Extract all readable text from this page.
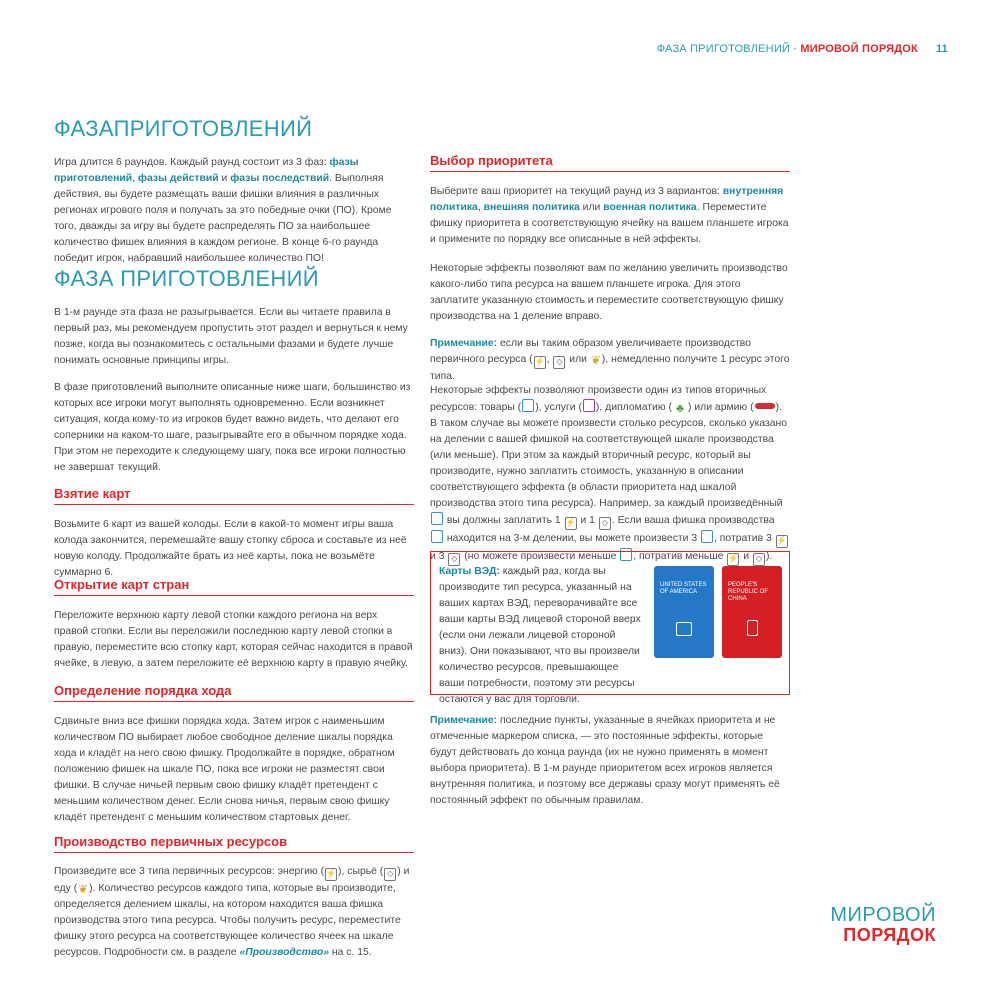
ФАЗА ПРИГОТОВЛЕНИЙ · МИРОВОЙ ПОРЯДОК 11
ФАЗАПРИГОТОВЛЕНИЙ

Игра длится 6 раундов. Каждый раунд состоит из 3 фаз: фазы приготовлений, фазы действий и фазы последствий. Выполняя действия, вы будете размещать ваши фишки влияния в различных регионах игрового поля и получать за это победные очки (ПО). Кроме того, дважды за игру вы будете распределять ПО за наибольшее количество фишек влияния в каждом регионе. В конце 6-го раунда победит игрок, набравший наибольшее количество ПО!

ФАЗА ПРИГОТОВЛЕНИЙ

В 1-м раунде эта фаза не разыгрывается. Если вы читаете правила в первый раз, мы рекомендуем пропустить этот раздел и вернуться к нему позже, когда вы познакомитесь с остальными фазами и будете лучше понимать основные принципы игры.

В фазе приготовлений выполните описанные ниже шаги, большинство из которых все игроки могут выполнять одновременно. Если возникнет ситуация, когда кому-то из игроков будет важно видеть, что делают его соперники на каком-то шаге, разыгрывайте его в обычном порядке хода. При этом не переходите к следующему шагу, пока все игроки полностью не завершат текущий.

Взятие карт

Возьмите 6 карт из вашей колоды. Если в какой-то момент игры ваша колода закончится, перемешайте вашу стопку сброса и составьте из неё новую колоду. Продолжайте брать из неё карты, пока не возьмёте суммарно 6.

Открытие карт стран

Переложите верхнюю карту левой стопки каждого региона на верх правой стопки. Если вы переложили последнюю карту левой стопки в правую, переместите всю стопку карт, которая сейчас находится в правой ячейке, в левую, а затем переложите её верхнюю карту в правую ячейку.

Определение порядка хода

Сдвиньте вниз все фишки порядка хода. Затем игрок с наименьшим количеством ПО выбирает любое свободное деление шкалы порядка хода и кладёт на него свою фишку. Продолжайте в порядке, обратном положению фишек на шкале ПО, пока все игроки не разместят свои фишки. В случае ничьей первым свою фишку кладёт претендент с меньшим количеством денег. Если снова ничья, первым свою фишку кладёт претендент с меньшим количеством стартовых денег.

Производство первичных ресурсов

Произведите все 3 типа первичных ресурсов: энергию ( ⚡ ), сырьё ( ◇ ) и еду (❦). Количество ресурсов каждого типа, которые вы производите, определяется делением шкалы, на котором находится ваша фишка производства этого типа ресурса. Чтобы получить ресурс, переместите фишку этого ресурса на соответствующее количество ячеек на шкале ресурсов. Подробности см. в разделе «Производство» на с. 15.

Выбор приоритета

Выберите ваш приоритет на текущий раунд из 3 вариантов: внутренняя политика, внешняя политика или военная политика. Переместите фишку приоритета в соответствующую ячейку на вашем планшете игрока и примените по порядку все описанные в ней эффекты.

Некоторые эффекты позволяют вам по желанию увеличить производство какого-либо типа ресурса на вашем планшете игрока. Для этого заплатите указанную стоимость и переместите соответствующую фишку производства на 1 деление вправо.

Примечание: если вы таким образом увеличиваете производство первичного ресурса ( ⚡ , ◇ или ❦), немедленно получите 1 ресурс этого типа.

Некоторые эффекты позволяют произвести один из типов вторичных ресурсов: товары ( ), услуги ( ), дипломатию ( ♣ ) или армию ( ). В таком случае вы можете произвести столько ресурсов, сколько указано на делении с вашей фишкой на соответствующей шкале производства (или меньше). При этом за каждый вторичный ресурс, который вы производите, нужно заплатить стоимость, указанную в описании соответствующего эффекта (в области приоритета над шкалой производства этого типа ресурса). Например, за каждый произведённый  вы должны заплатить 1 ⚡ и 1 ◇ . Если ваша фишка производства  находится на 3-м делении, вы можете произвести 3 , потратив 3 ⚡ и 3 ◇ (но можете произвести меньше , потратив меньше ⚡ и ◇ ).

Карты ВЭД: каждый раз, когда вы производите тип ресурса, указанный на ваших картах ВЭД, переворачивайте все ваши карты ВЭД лицевой стороной вверх (если они лежали лицевой стороной вниз). Они показывают, что вы произвели количество ресурсов, превышающее ваши потребности, поэтому эти ресурсы остаются у вас для торговли.

UNITED STATES OF AMERICA
PEOPLE'S REPUBLIC OF CHINA

Примечание: последние пункты, указанные в ячейках приоритета и не отмеченные маркером списка, — это постоянные эффекты, которые будут действовать до конца раунда (их не нужно применять в момент выбора приоритета). В 1-м раунде приоритетом всех игроков является внутренняя политика, и поэтому все державы сразу могут применять её постоянный эффект по обычным правилам.

МИРОВОЙ
ПОРЯДОК
